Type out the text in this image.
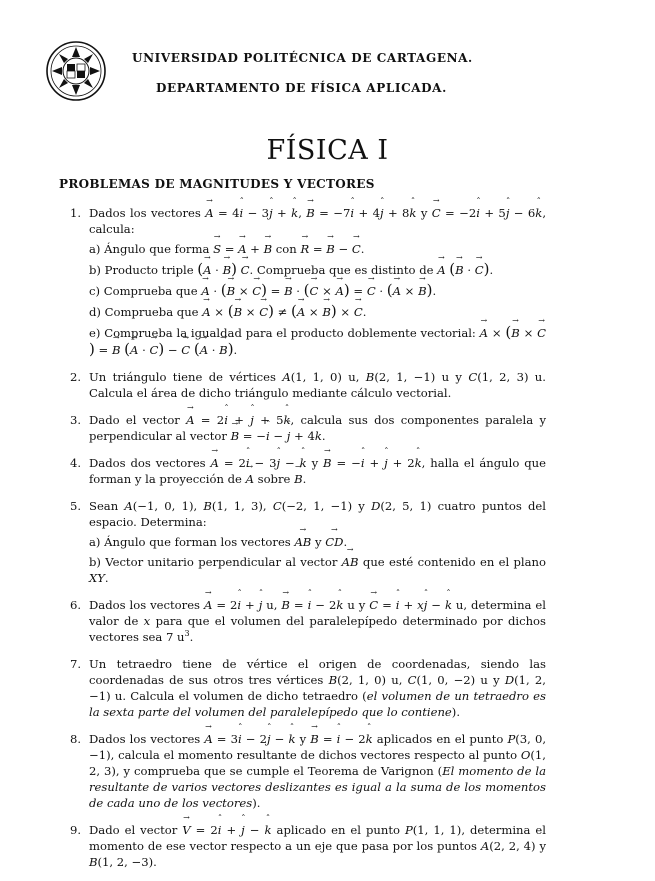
UNIVERSIDAD POLITÉCNICA DE CARTAGENA.
DEPARTAMENTO DE FÍSICA APLICADA.
FÍSICA I
PROBLEMAS DE MAGNITUDES Y VECTORES
1. Dados los vectores → A = 4ˆ i − 3ˆ j + ˆ k, → B = −7ˆ i + 4ˆ j + 8ˆ k y → C = −2ˆ i + 5ˆ j − 6ˆ k, calcula:
a) Ángulo que forma → S = → A + → B con → R = → B − → C.
b) Producto triple (→ A · → B) → C. Comprueba que es distinto de → A (→ B · → C).
c) Comprueba que → A · (→ B × → C) = → B · (→ C × → A) = → C · (→ A × → B).
d) Comprueba que → A × (→ B × → C) ≠ (→ A × → B) × → C.
e) Comprueba la igualdad para el producto doblemente vectorial: → A × (→ B × → C) = → B (→ A · → C) − → C (→ A · → B).
2. Un triángulo tiene de vértices A(1, 1, 0) u, B(2, 1, −1) u y C(1, 2, 3) u. Calcula el área de dicho triángulo mediante cálculo vectorial.
3. Dado el vector → A = 2ˆ i + ˆ j + 5ˆ k, calcula sus dos componentes paralela y perpendicular al vector → B = −ˆ i − ˆ j + 4ˆ k.
4. Dados dos vectores → A = 2ˆ i − 3ˆ j − ˆ k y → B = −ˆ i + ˆ j + 2ˆ k, halla el ángulo que forman y la proyección de → A sobre → B.
5. Sean A(−1, 0, 1), B(1, 1, 3), C(−2, 1, −1) y D(2, 5, 1) cuatro puntos del espacio. Determina:
a) Ángulo que forman los vectores → AB y → CD.
b) Vector unitario perpendicular al vector → AB que esté contenido en el plano XY.
6. Dados los vectores → A = 2ˆ i + ˆ j u, → B = ˆ i − 2ˆ k u y → C = ˆ i + xˆ j − ˆ k u, determina el valor de x para que el volumen del paralelepípedo determinado por dichos vectores sea 7 $u^3$.
7. Un tetraedro tiene de vértice el origen de coordenadas, siendo las coordenadas de sus otros tres vértices B(2, 1, 0) u, C(1, 0, −2) u y D(1, 2, −1) u. Calcula el volumen de dicho tetraedro (el volumen de un tetraedro es la sexta parte del volumen del paralelepípedo que lo contiene).
8. Dados los vectores → A = 3ˆ i − 2ˆ j − ˆ k y → B = ˆ i − 2ˆ k aplicados en el punto P(3, 0, −1), calcula el momento resultante de dichos vectores respecto al punto O(1, 2, 3), y comprueba que se cumple el Teorema de Varignon (El momento de la resultante de varios vectores deslizantes es igual a la suma de los momentos de cada uno de los vectores).
9. Dado el vector → V = 2ˆ i + ˆ j − ˆ k aplicado en el punto P(1, 1, 1), determina el momento de ese vector respecto a un eje que pasa por los puntos A(2, 2, 4) y B(1, 2, −3).
